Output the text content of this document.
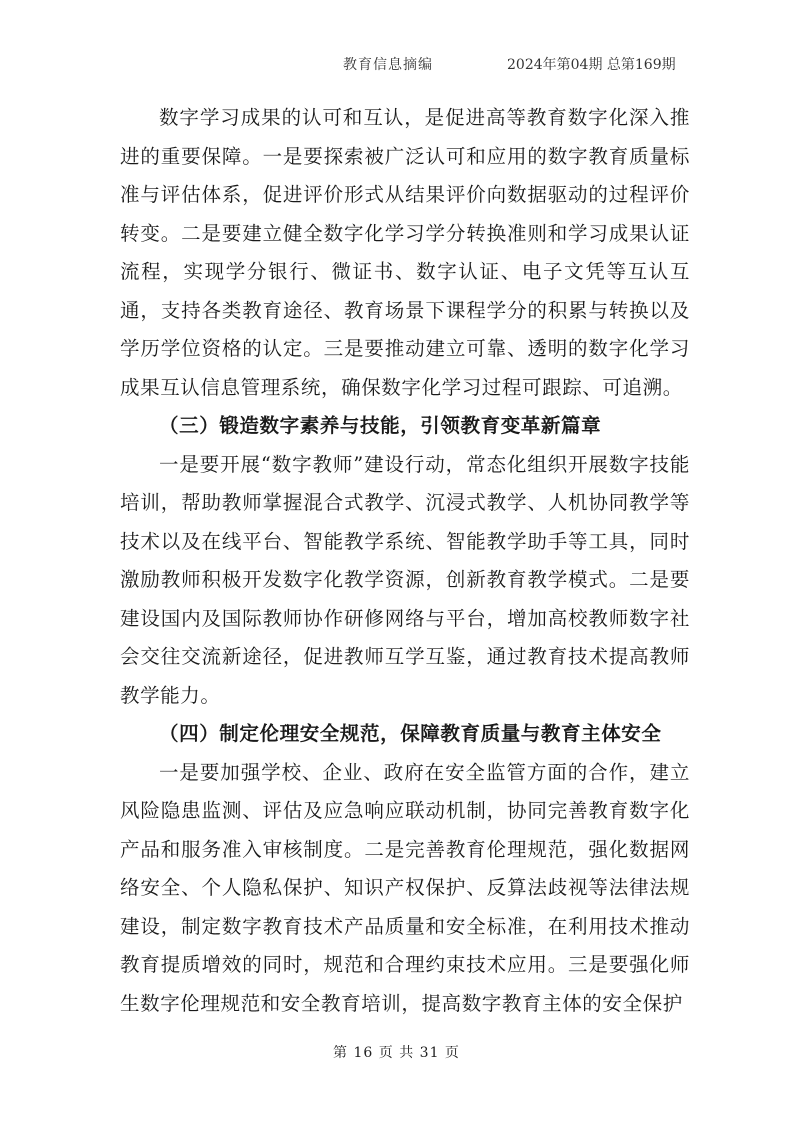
教育信息摘编	2024年第04期 总第169期

数字学习成果的认可和互认，是促进高等教育数字化深入推进的重要保障。一是要探索被广泛认可和应用的数字教育质量标准与评估体系，促进评价形式从结果评价向数据驱动的过程评价转变。二是要建立健全数字化学习学分转换准则和学习成果认证流程，实现学分银行、微证书、数字认证、电子文凭等互认互通，支持各类教育途径、教育场景下课程学分的积累与转换以及学历学位资格的认定。三是要推动建立可靠、透明的数字化学习成果互认信息管理系统，确保数字化学习过程可跟踪、可追溯。

（三）锻造数字素养与技能，引领教育变革新篇章

一是要开展“数字教师”建设行动，常态化组织开展数字技能培训，帮助教师掌握混合式教学、沉浸式教学、人机协同教学等技术以及在线平台、智能教学系统、智能教学助手等工具，同时激励教师积极开发数字化教学资源，创新教育教学模式。二是要建设国内及国际教师协作研修网络与平台，增加高校教师数字社会交往交流新途径，促进教师互学互鉴，通过教育技术提高教师教学能力。

（四）制定伦理安全规范，保障教育质量与教育主体安全

一是要加强学校、企业、政府在安全监管方面的合作，建立风险隐患监测、评估及应急响应联动机制，协同完善教育数字化产品和服务准入审核制度。二是完善教育伦理规范，强化数据网络安全、个人隐私保护、知识产权保护、反算法歧视等法律法规建设，制定数字教育技术产品质量和安全标准，在利用技术推动教育提质增效的同时，规范和合理约束技术应用。三是要强化师生数字伦理规范和安全教育培训，提高数字教育主体的安全保护

第 16 页 共 31 页
